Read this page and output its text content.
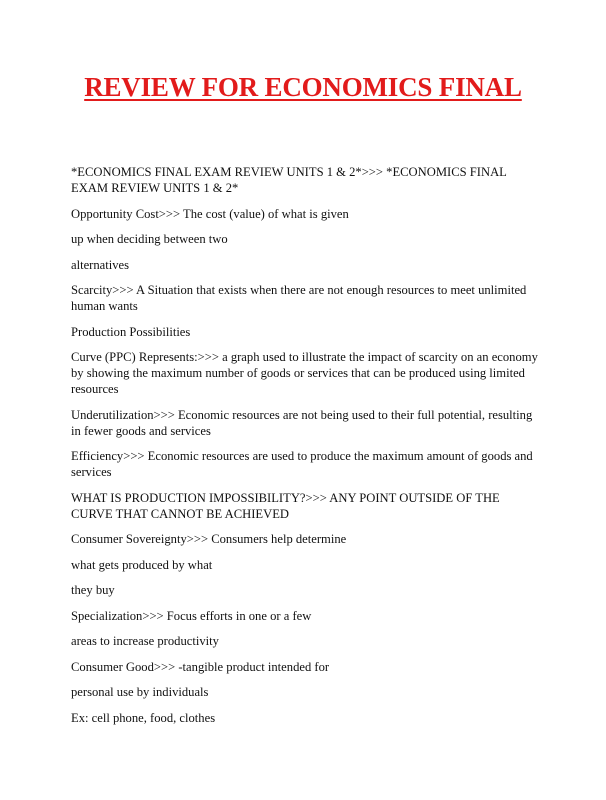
REVIEW FOR ECONOMICS FINAL

*ECONOMICS FINAL EXAM REVIEW UNITS 1 & 2*>>> *ECONOMICS FINAL EXAM REVIEW UNITS 1 & 2*

Opportunity Cost>>> The cost (value) of what is given

up when deciding between two

alternatives

Scarcity>>> A Situation that exists when there are not enough resources to meet unlimited human wants

Production Possibilities

Curve (PPC) Represents:>>> a graph used to illustrate the impact of scarcity on an economy by showing the maximum number of goods or services that can be produced using limited resources

Underutilization>>> Economic resources are not being used to their full potential, resulting in fewer goods and services

Efficiency>>> Economic resources are used to produce the maximum amount of goods and services

WHAT IS PRODUCTION IMPOSSIBILITY?>>> ANY POINT OUTSIDE OF THE CURVE THAT CANNOT BE ACHIEVED

Consumer Sovereignty>>> Consumers help determine

what gets produced by what

they buy

Specialization>>> Focus efforts in one or a few

areas to increase productivity

Consumer Good>>> -tangible product intended for

personal use by individuals

Ex: cell phone, food, clothes
